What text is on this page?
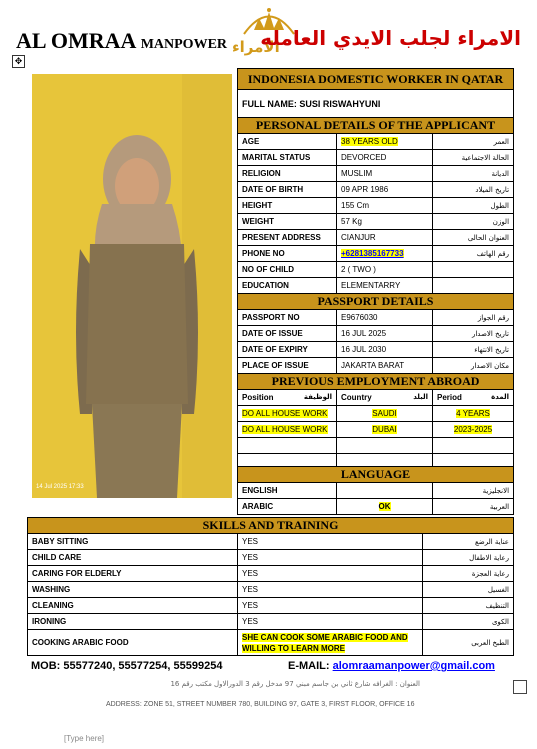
AL OMRAA MANPOWER الامراء
الامراء لجلب الايدي العامله
✥
14 Jul 2025 17:33
INDONESIA DOMESTIC WORKER IN QATAR		
FULL NAME: SUSI RISWAHYUNI		
PERSONAL DETAILS OF THE APPLICANT		
AGE	38 YEARS OLD	العمر
MARITAL STATUS	DEVORCED	الحالة الاجتماعية
RELIGION	MUSLIM	الديانة
DATE OF BIRTH	09 APR 1986	تاريخ الميلاد
HEIGHT	155 Cm	الطول
WEIGHT	57 Kg	الوزن
PRESENT ADDRESS	CIANJUR	العنوان الحالى
PHONE NO	+6281385167733	رقم الهاتف
NO OF CHILD	2 ( TWO )	
EDUCATION	ELEMENTARRY	
PASSPORT DETAILS		
PASSPORT NO	E9676030	رقم الجواز
DATE OF ISSUE	16 JUL 2025	تاريخ الاصدار
DATE OF EXPIRY	16 JUL 2030	تاريخ الانتهاء
PLACE OF ISSUE	JAKARTA BARAT	مكان الاصدار
PREVIOUS EMPLOYMENT ABROAD		
Position الوظيفة	Country البلد	Period المدة

DO ALL HOUSE WORK	SAUDI	4 YEARS
DO ALL HOUSE WORK	DUBAI	2023-2025

LANGUAGE		
ENGLISH		الانجليزية
ARABIC	OK	العربية
SKILLS AND TRAINING		
BABY SITTING	YES	عناية الرضع
CHILD CARE	YES	رعاية الاطفال
CARING FOR ELDERLY	YES	رعاية العجزة
WASHING	YES	الغسيل
CLEANING	YES	التنظيف
IRONING	YES	الكوى
COOKING ARABIC FOOD	SHE CAN COOK SOME ARABIC FOOD AND WILLING TO LEARN MORE	الطبخ العربى
MOB: 55577240, 55577254, 55599254	E-MAIL: alomraamanpower@gmail.com
العنوان : الغرافه شارع ثاني بن جاسم مبني 97 مدخل رقم 3 الدورالاول مكتب رقم 16
ADDRESS: ZONE 51, STREET NUMBER 780, BUILDING 97, GATE 3, FIRST FLOOR, OFFICE 16
[Type here]
